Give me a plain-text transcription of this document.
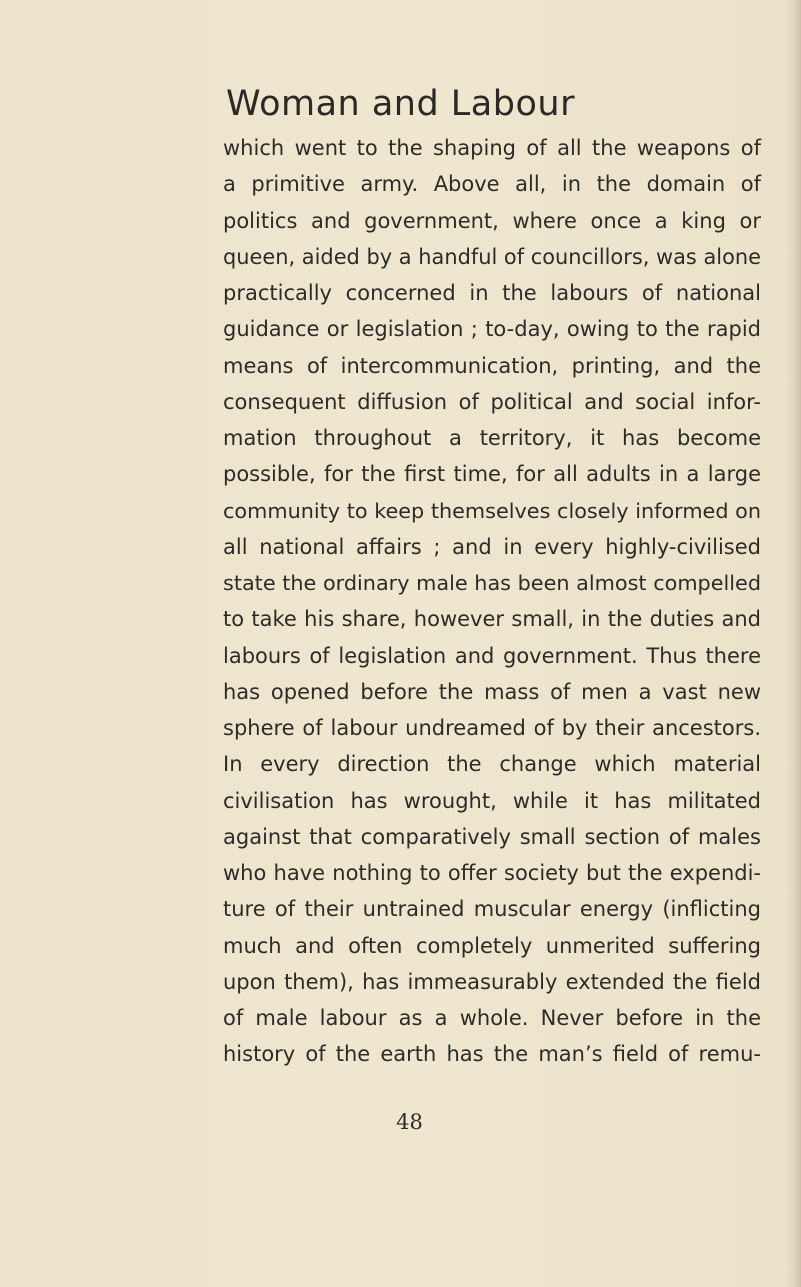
Woman and Labour
which went to the shaping of all the weapons of
a primitive army. Above all, in the domain of
politics and government, where once a king or
queen, aided by a handful of councillors, was alone
practically concerned in the labours of national
guidance or legislation ; to-day, owing to the rapid
means of intercommunication, printing, and the
consequent diffusion of political and social infor-
mation throughout a territory, it has become
possible, for the first time, for all adults in a large
community to keep themselves closely informed on
all national affairs ; and in every highly-civilised
state the ordinary male has been almost compelled
to take his share, however small, in the duties and
labours of legislation and government. Thus there
has opened before the mass of men a vast new
sphere of labour undreamed of by their ancestors.
In every direction the change which material
civilisation has wrought, while it has militated
against that comparatively small section of males
who have nothing to offer society but the expendi-
ture of their untrained muscular energy (inflicting
much and often completely unmerited suffering
upon them), has immeasurably extended the field
of male labour as a whole. Never before in the
history of the earth has the man’s field of remu-
48
